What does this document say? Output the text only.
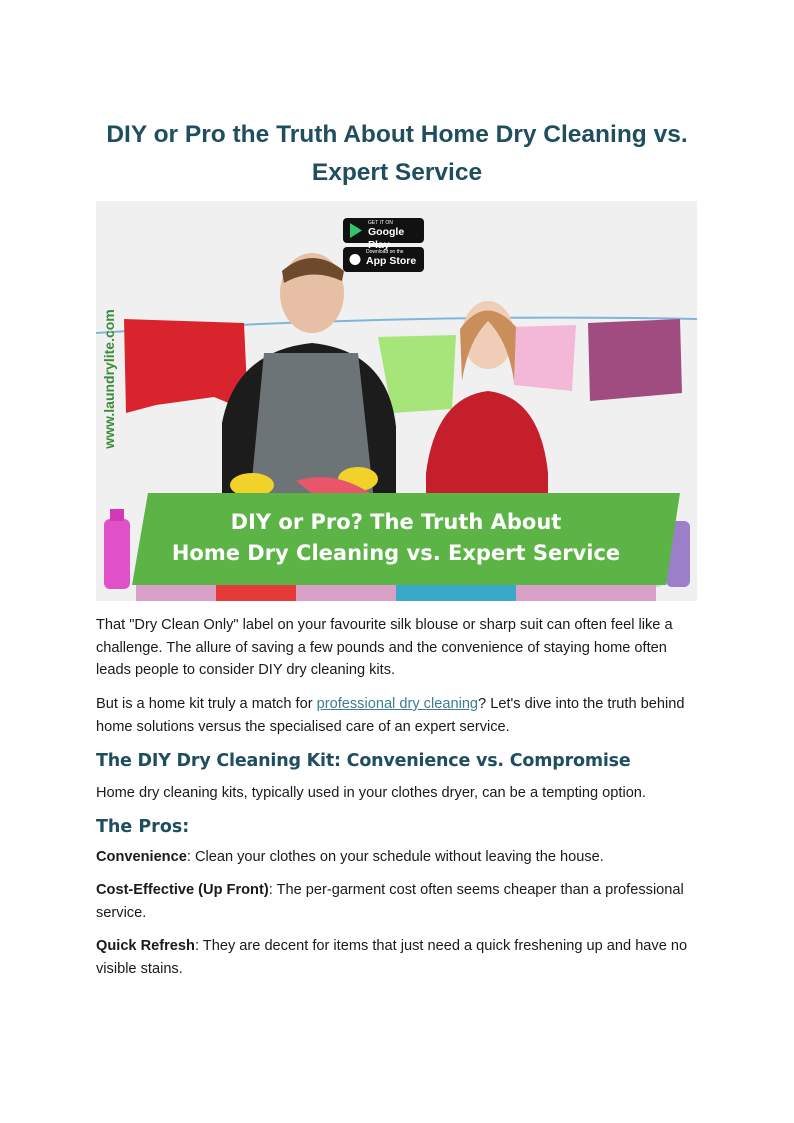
DIY or Pro the Truth About Home Dry Cleaning vs. Expert Service
GET IT ON
Google Play
Download on the
App Store
www.laundrylite.com
DIY or Pro? The Truth About
Home Dry Cleaning vs. Expert Service

That "Dry Clean Only" label on your favourite silk blouse or sharp suit can often feel like a challenge. The allure of saving a few pounds and the convenience of staying home often leads people to consider DIY dry cleaning kits.

But is a home kit truly a match for professional dry cleaning? Let's dive into the truth behind home solutions versus the specialised care of an expert service.

The DIY Dry Cleaning Kit: Convenience vs. Compromise

Home dry cleaning kits, typically used in your clothes dryer, can be a tempting option.

The Pros:

Convenience: Clean your clothes on your schedule without leaving the house.

Cost-Effective (Up Front): The per-garment cost often seems cheaper than a professional service.

Quick Refresh: They are decent for items that just need a quick freshening up and have no visible stains.
